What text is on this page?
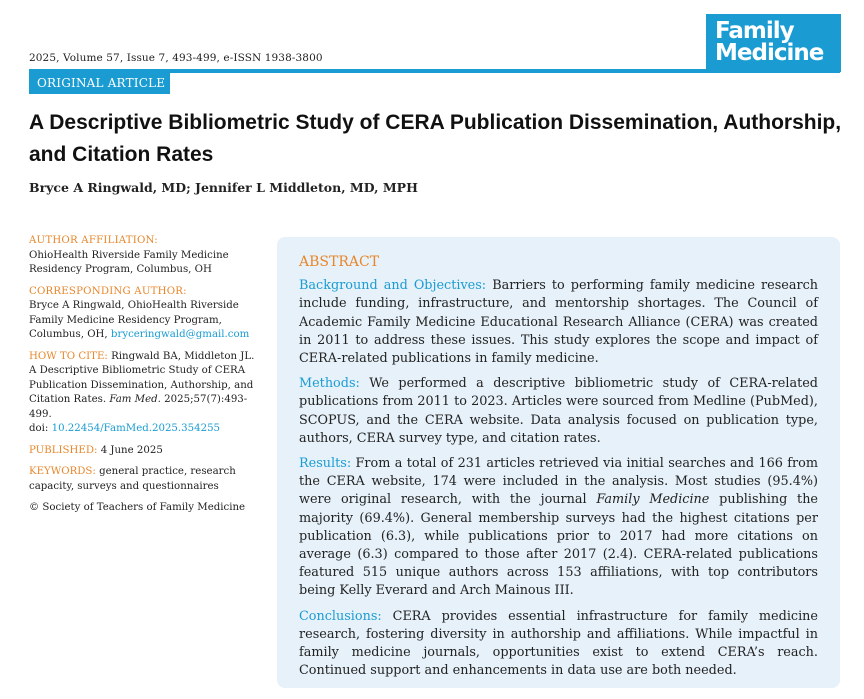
2025, Volume 57, Issue 7, 493-499, e-ISSN 1938-3800
Family
Medicine
ORIGINAL ARTICLE
A Descriptive Bibliometric Study of CERA Publication Dissemination, Authorship, and Citation Rates
Bryce A Ringwald, MD; Jennifer L Middleton, MD, MPH
AUTHOR AFFILIATION:
OhioHealth Riverside Family Medicine Residency Program, Columbus, OH
CORRESPONDING AUTHOR:
Bryce A Ringwald, OhioHealth Riverside Family Medicine Residency Program, Columbus, OH, bryceringwald@gmail.com
HOW TO CITE: Ringwald BA, Middleton JL. A Descriptive Bibliometric Study of CERA Publication Dissemination, Authorship, and Citation Rates. Fam Med. 2025;57(7):493-499.
doi: 10.22454/FamMed.2025.354255
PUBLISHED: 4 June 2025
KEYWORDS: general practice, research capacity, surveys and questionnaires
© Society of Teachers of Family Medicine
ABSTRACT

Background and Objectives: Barriers to performing family medicine research include funding, infrastructure, and mentorship shortages. The Council of Academic Family Medicine Educational Research Alliance (CERA) was created in 2011 to address these issues. This study explores the scope and impact of CERA-related publications in family medicine.

Methods: We performed a descriptive bibliometric study of CERA-related publications from 2011 to 2023. Articles were sourced from Medline (PubMed), SCOPUS, and the CERA website. Data analysis focused on publication type, authors, CERA survey type, and citation rates.

Results: From a total of 231 articles retrieved via initial searches and 166 from the CERA website, 174 were included in the analysis. Most studies (95.4%) were original research, with the journal Family Medicine publishing the majority (69.4%). General membership surveys had the highest citations per publication (6.3), while publications prior to 2017 had more citations on average (6.3) compared to those after 2017 (2.4). CERA-related publications featured 515 unique authors across 153 affiliations, with top contributors being Kelly Everard and Arch Mainous III.

Conclusions: CERA provides essential infrastructure for family medicine research, fostering diversity in authorship and affiliations. While impactful in family medicine journals, opportunities exist to extend CERA’s reach. Continued support and enhancements in data use are both needed.
